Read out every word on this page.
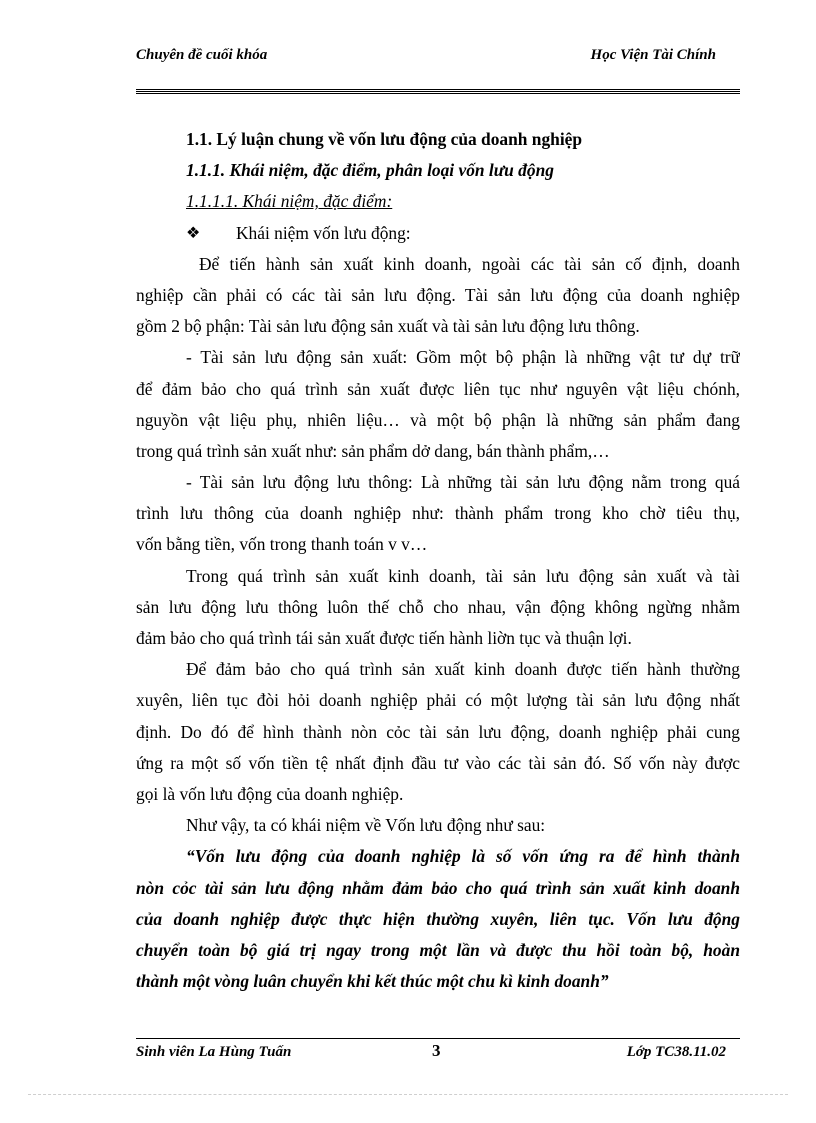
Chuyên đề cuối khóa	Học Viện Tài Chính
1.1. Lý luận chung về vốn lưu động của doanh nghiệp
1.1.1. Khái niệm, đặc điểm, phân loại vốn lưu động
1.1.1.1. Khái niệm, đặc điểm:
❖ Khái niệm vốn lưu động:
Để tiến hành sản xuất kinh doanh, ngoài các tài sản cố định, doanh
nghiệp cần phải có các tài sản lưu động. Tài sản lưu động của doanh nghiệp
gồm 2 bộ phận: Tài sản lưu động sản xuất và tài sản lưu động lưu thông.
- Tài sản lưu động sản xuất: Gồm một bộ phận là những vật tư dự trữ
để đảm bảo cho quá trình sản xuất được liên tục như nguyên vật liệu chónh,
nguyồn vật liệu phụ, nhiên liệu… và một bộ phận là những sản phẩm đang
trong quá trình sản xuất như: sản phẩm dở dang, bán thành phẩm,…
- Tài sản lưu động lưu thông: Là những tài sản lưu động nằm trong quá
trình lưu thông của doanh nghiệp như: thành phẩm trong kho chờ tiêu thụ,
vốn bằng tiền, vốn trong thanh toán v v…
Trong quá trình sản xuất kinh doanh, tài sản lưu động sản xuất và tài
sản lưu động lưu thông luôn thế chỗ cho nhau, vận động không ngừng nhằm
đảm bảo cho quá trình tái sản xuất được tiến hành liờn tục và thuận lợi.
Để đảm bảo cho quá trình sản xuất kinh doanh được tiến hành thường
xuyên, liên tục đòi hỏi doanh nghiệp phải có một lượng tài sản lưu động nhất
định. Do đó để hình thành nòn cỏc tài sản lưu động, doanh nghiệp phải cung
ứng ra một số vốn tiền tệ nhất định đầu tư vào các tài sản đó. Số vốn này được
gọi là vốn lưu động của doanh nghiệp.
Như vậy, ta có khái niệm về Vốn lưu động như sau:
“Vốn lưu động của doanh nghiệp là số vốn ứng ra để hình thành
nòn cỏc tài sản lưu động nhằm đảm bảo cho quá trình sản xuất kinh doanh
của doanh nghiệp được thực hiện thường xuyên, liên tục. Vốn lưu động
chuyển toàn bộ giá trị ngay trong một lần và được thu hồi toàn bộ, hoàn
thành một vòng luân chuyển khi kết thúc một chu kì kinh doanh”
Sinh viên La Hùng Tuấn	3	Lớp TC38.11.02
